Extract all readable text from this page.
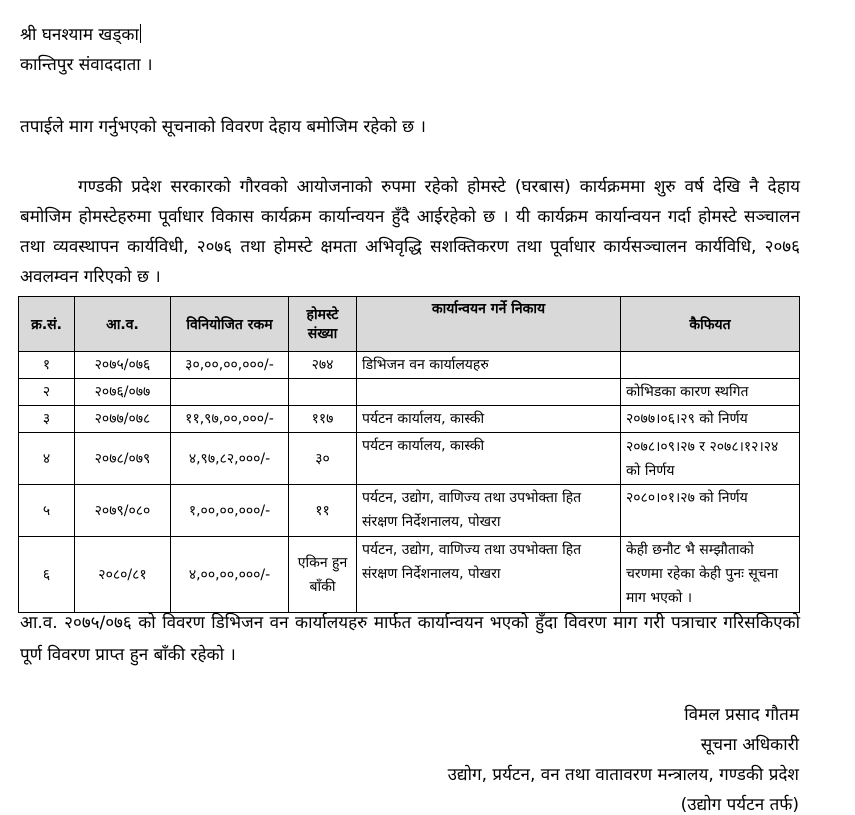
श्री घनश्याम खड्का
कान्तिपुर संवाददाता ।
तपाईले माग गर्नुभएको सूचनाको विवरण देहाय बमोजिम रहेको छ ।
गण्डकी प्रदेश सरकारको गौरवको आयोजनाको रुपमा रहेको होमस्टे (घरबास) कार्यक्रममा शुरु वर्ष देखि नै देहाय बमोजिम होमस्टेहरुमा पूर्वाधार विकास कार्यक्रम कार्यान्वयन हुँदै आईरहेको छ । यी कार्यक्रम कार्यान्वयन गर्दा होमस्टे सञ्चालन तथा व्यवस्थापन कार्यविधी, २०७६ तथा होमस्टे क्षमता अभिवृद्धि सशक्तिकरण तथा पूर्वाधार कार्यसञ्चालन कार्यविधि, २०७६ अवलम्वन गरिएको छ ।
क्र.सं.	आ.व.	विनियोजित रकम	होमस्टे संख्या	कार्यान्वयन गर्ने निकाय	कैफियत
१	२०७५/०७६	३०,००,००,०००/-	२७४	डिभिजन वन कार्यालयहरु	
२	२०७६/०७७				कोभिडका कारण स्थगित
३	२०७७/०७८	११,९७,००,०००/-	११७	पर्यटन कार्यालय, कास्की	२०७७।०६।२९ को निर्णय
४	२०७८/०७९	४,९७,८२,०००/-	३०	पर्यटन कार्यालय, कास्की	२०७८।०९।२७ र २०७८।१२।२४ को निर्णय
५	२०७९/०८०	१,००,००,०००/-	११	पर्यटन, उद्योग, वाणिज्य तथा उपभोक्ता हित संरक्षण निर्देशनालय, पोखरा	२०८०।०१।२७ को निर्णय
६	२०८०/८१	४,००,००,०००/-	एकिन हुन बाँकी	पर्यटन, उद्योग, वाणिज्य तथा उपभोक्ता हित संरक्षण निर्देशनालय, पोखरा	केही छनौट भै सम्झौताको चरणमा रहेका केही पुनः सूचना माग भएको ।
आ.व. २०७५/०७६ को विवरण डिभिजन वन कार्यालयहरु मार्फत कार्यान्वयन भएको हुँदा विवरण माग गरी पत्राचार गरिसकिएको पूर्ण विवरण प्राप्त हुन बाँकी रहेको ।
विमल प्रसाद गौतम
सूचना अधिकारी
उद्योग, प्रर्यटन, वन तथा वातावरण मन्त्रालय, गण्डकी प्रदेश
(उद्योग पर्यटन तर्फ)
